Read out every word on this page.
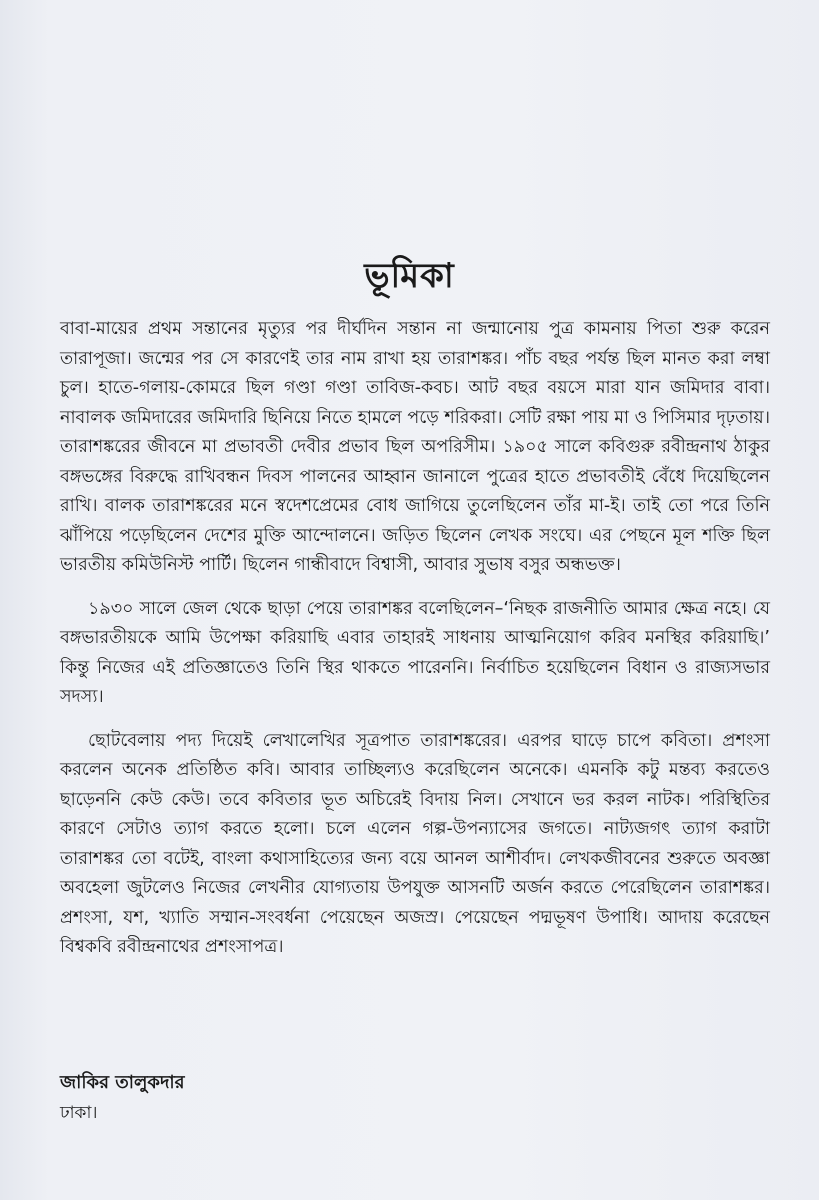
ভূমিকা

বাবা-মায়ের প্রথম সন্তানের মৃত্যুর পর দীর্ঘদিন সন্তান না জন্মানোয় পুত্র কামনায় পিতা শুরু করেন তারাপূজা। জন্মের পর সে কারণেই তার নাম রাখা হয় তারাশঙ্কর। পাঁচ বছর পর্যন্ত ছিল মানত করা লম্বা চুল। হাতে-গলায়-কোমরে ছিল গণ্ডা গণ্ডা তাবিজ-কবচ। আট বছর বয়সে মারা যান জমিদার বাবা। নাবালক জমিদারের জমিদারি ছিনিয়ে নিতে হামলে পড়ে শরিকরা। সেটি রক্ষা পায় মা ও পিসিমার দৃঢ়তায়। তারাশঙ্করের জীবনে মা প্রভাবতী দেবীর প্রভাব ছিল অপরিসীম। ১৯০৫ সালে কবিগুরু রবীন্দ্রনাথ ঠাকুর বঙ্গভঙ্গের বিরুদ্ধে রাখিবন্ধন দিবস পালনের আহ্বান জানালে পুত্রের হাতে প্রভাবতীই বেঁধে দিয়েছিলেন রাখি। বালক তারাশঙ্করের মনে স্বদেশপ্রেমের বোধ জাগিয়ে তুলেছিলেন তাঁর মা-ই। তাই তো পরে তিনি ঝাঁপিয়ে পড়েছিলেন দেশের মুক্তি আন্দোলনে। জড়িত ছিলেন লেখক সংঘে। এর পেছনে মূল শক্তি ছিল ভারতীয় কমিউনিস্ট পার্টি। ছিলেন গান্ধীবাদে বিশ্বাসী, আবার সুভাষ বসুর অন্ধভক্ত।

১৯৩০ সালে জেল থেকে ছাড়া পেয়ে তারাশঙ্কর বলেছিলেন–‘নিছক রাজনীতি আমার ক্ষেত্র নহে। যে বঙ্গভারতীয়কে আমি উপেক্ষা করিয়াছি এবার তাহারই সাধনায় আত্মনিয়োগ করিব মনস্থির করিয়াছি।’ কিন্তু নিজের এই প্রতিজ্ঞাতেও তিনি স্থির থাকতে পারেননি। নির্বাচিত হয়েছিলেন বিধান ও রাজ্যসভার সদস্য।

ছোটবেলায় পদ্য দিয়েই লেখালেখির সূত্রপাত তারাশঙ্করের। এরপর ঘাড়ে চাপে কবিতা। প্রশংসা করলেন অনেক প্রতিষ্ঠিত কবি। আবার তাচ্ছিল্যও করেছিলেন অনেকে। এমনকি কটু মন্তব্য করতেও ছাড়েননি কেউ কেউ। তবে কবিতার ভূত অচিরেই বিদায় নিল। সেখানে ভর করল নাটক। পরিস্থিতির কারণে সেটাও ত্যাগ করতে হলো। চলে এলেন গল্প-উপন্যাসের জগতে। নাট্যজগৎ ত্যাগ করাটা তারাশঙ্কর তো বটেই, বাংলা কথাসাহিত্যের জন্য বয়ে আনল আশীর্বাদ। লেখকজীবনের শুরুতে অবজ্ঞা অবহেলা জুটলেও নিজের লেখনীর যোগ্যতায় উপযুক্ত আসনটি অর্জন করতে পেরেছিলেন তারাশঙ্কর। প্রশংসা, যশ, খ্যাতি সম্মান-সংবর্ধনা পেয়েছেন অজস্র। পেয়েছেন পদ্মভূষণ উপাধি। আদায় করেছেন বিশ্বকবি রবীন্দ্রনাথের প্রশংসাপত্র।

জাকির তালুকদার
ঢাকা।
